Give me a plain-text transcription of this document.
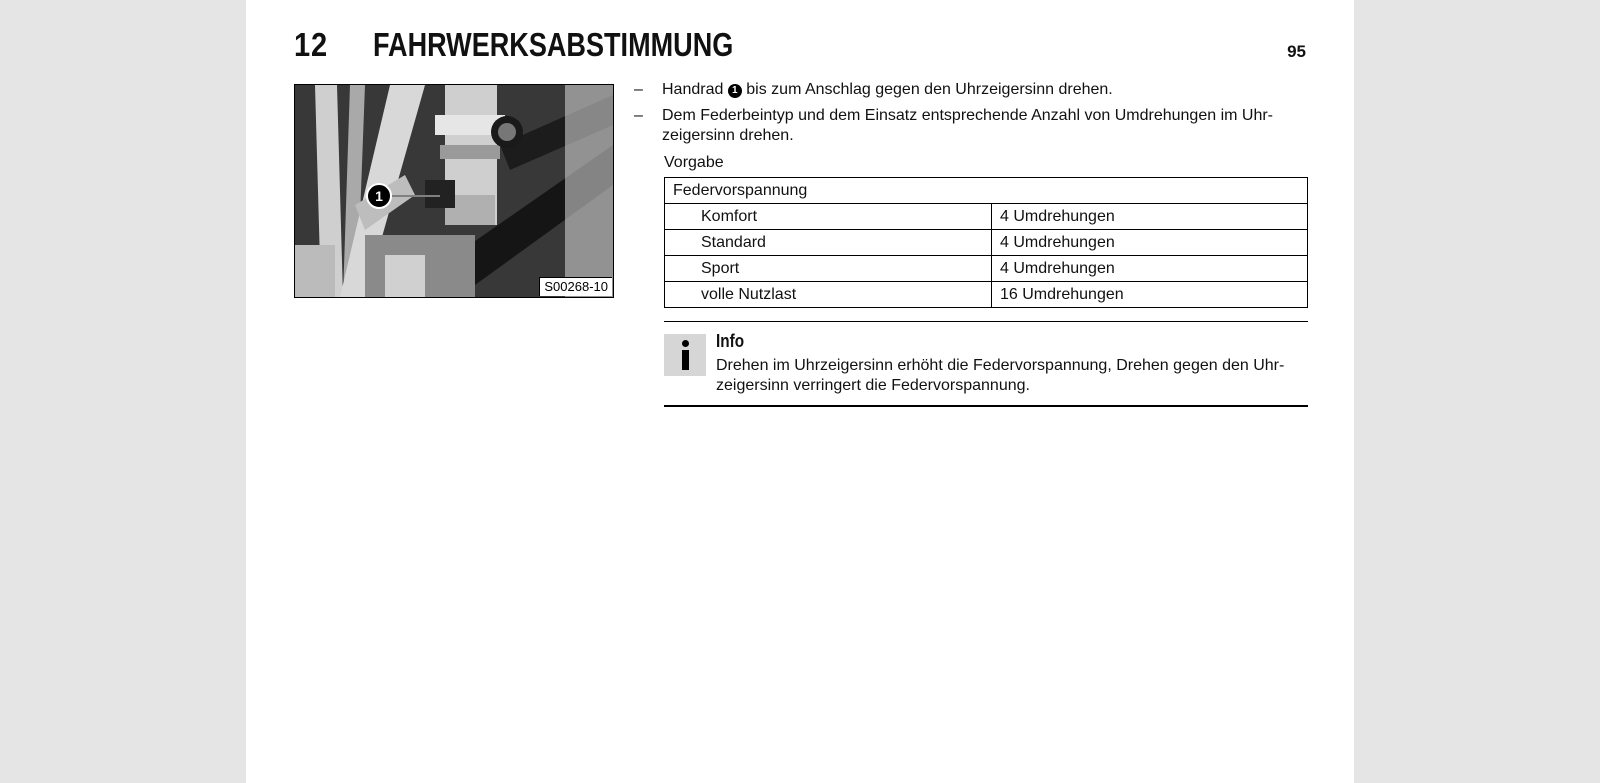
12 FAHRWERKSABSTIMMUNG	95
1
S00268-10
– Handrad 1 bis zum Anschlag gegen den Uhrzeigersinn drehen.
– Dem Federbeintyp und dem Einsatz entsprechende Anzahl von Umdrehungen im Uhr-zeigersinn drehen.
Vorgabe
Federvorspannung	
Komfort	4 Umdrehungen
Standard	4 Umdrehungen
Sport	4 Umdrehungen
volle Nutzlast	16 Umdrehungen
Info
Drehen im Uhrzeigersinn erhöht die Federvorspannung, Drehen gegen den Uhr-zeigersinn verringert die Federvorspannung.
